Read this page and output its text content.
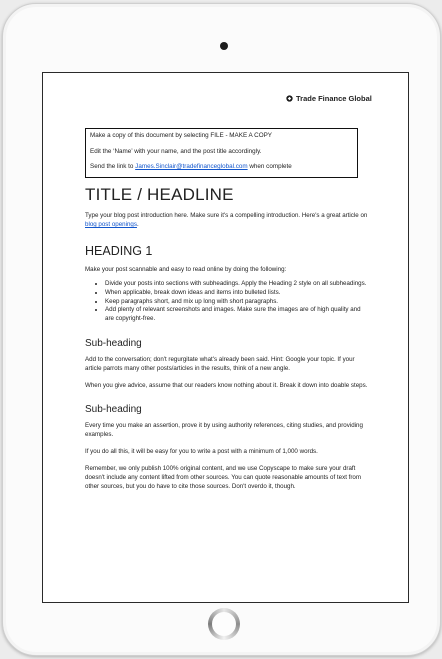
Trade Finance Global

Make a copy of this document by selecting FILE - MAKE A COPY

Edit the ‘Name’ with your name, and the post title accordingly.

Send the link to James.Sinclair@tradefinanceglobal.com when complete

TITLE / HEADLINE

Type your blog post introduction here. Make sure it's a compelling introduction. Here's a great article on blog post openings.

HEADING 1

Make your post scannable and easy to read online by doing the following:

• Divide your posts into sections with subheadings. Apply the Heading 2 style on all subheadings.
• When applicable, break down ideas and items into bulleted lists.
• Keep paragraphs short, and mix up long with short paragraphs.
• Add plenty of relevant screenshots and images. Make sure the images are of high quality and are copyright-free.
Sub-heading

Add to the conversation; don't regurgitate what's already been said. Hint: Google your topic. If your article parrots many other posts/articles in the results, think of a new angle.

When you give advice, assume that our readers know nothing about it. Break it down into doable steps.

Sub-heading

Every time you make an assertion, prove it by using authority references, citing studies, and providing examples.

If you do all this, it will be easy for you to write a post with a minimum of 1,000 words.

Remember, we only publish 100% original content, and we use Copyscape to make sure your draft doesn't include any content lifted from other sources. You can quote reasonable amounts of text from other sources, but you do have to cite those sources. Don't overdo it, though.
